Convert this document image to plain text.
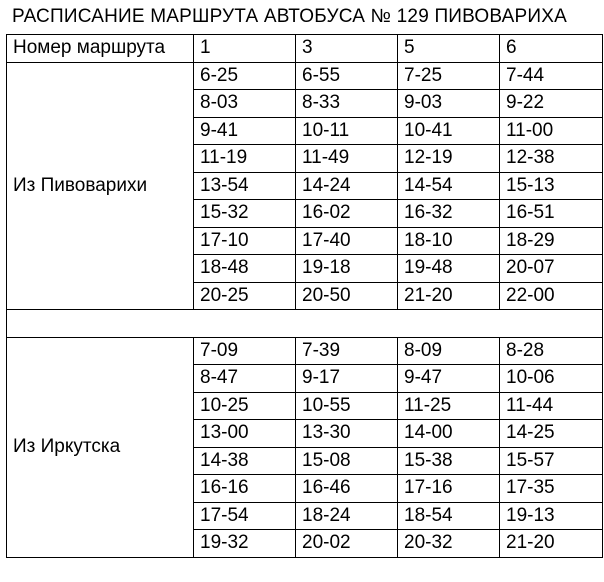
РАСПИСАНИЕ МАРШРУТА АВТОБУСА № 129 ПИВОВАРИХА
Номер маршрута	1	3	5	6
Из Пивоварихи	6-25	6-55	7-25	7-44
	8-03	8-33	9-03	9-22
	9-41	10-11	10-41	11-00
	11-19	11-49	12-19	12-38
	13-54	14-24	14-54	15-13
	15-32	16-02	16-32	16-51
	17-10	17-40	18-10	18-29
	18-48	19-18	19-48	20-07
	20-25	20-50	21-20	22-00

Из Иркутска	7-09	7-39	8-09	8-28
	8-47	9-17	9-47	10-06
	10-25	10-55	11-25	11-44
	13-00	13-30	14-00	14-25
	14-38	15-08	15-38	15-57
	16-16	16-46	17-16	17-35
	17-54	18-24	18-54	19-13
	19-32	20-02	20-32	21-20
